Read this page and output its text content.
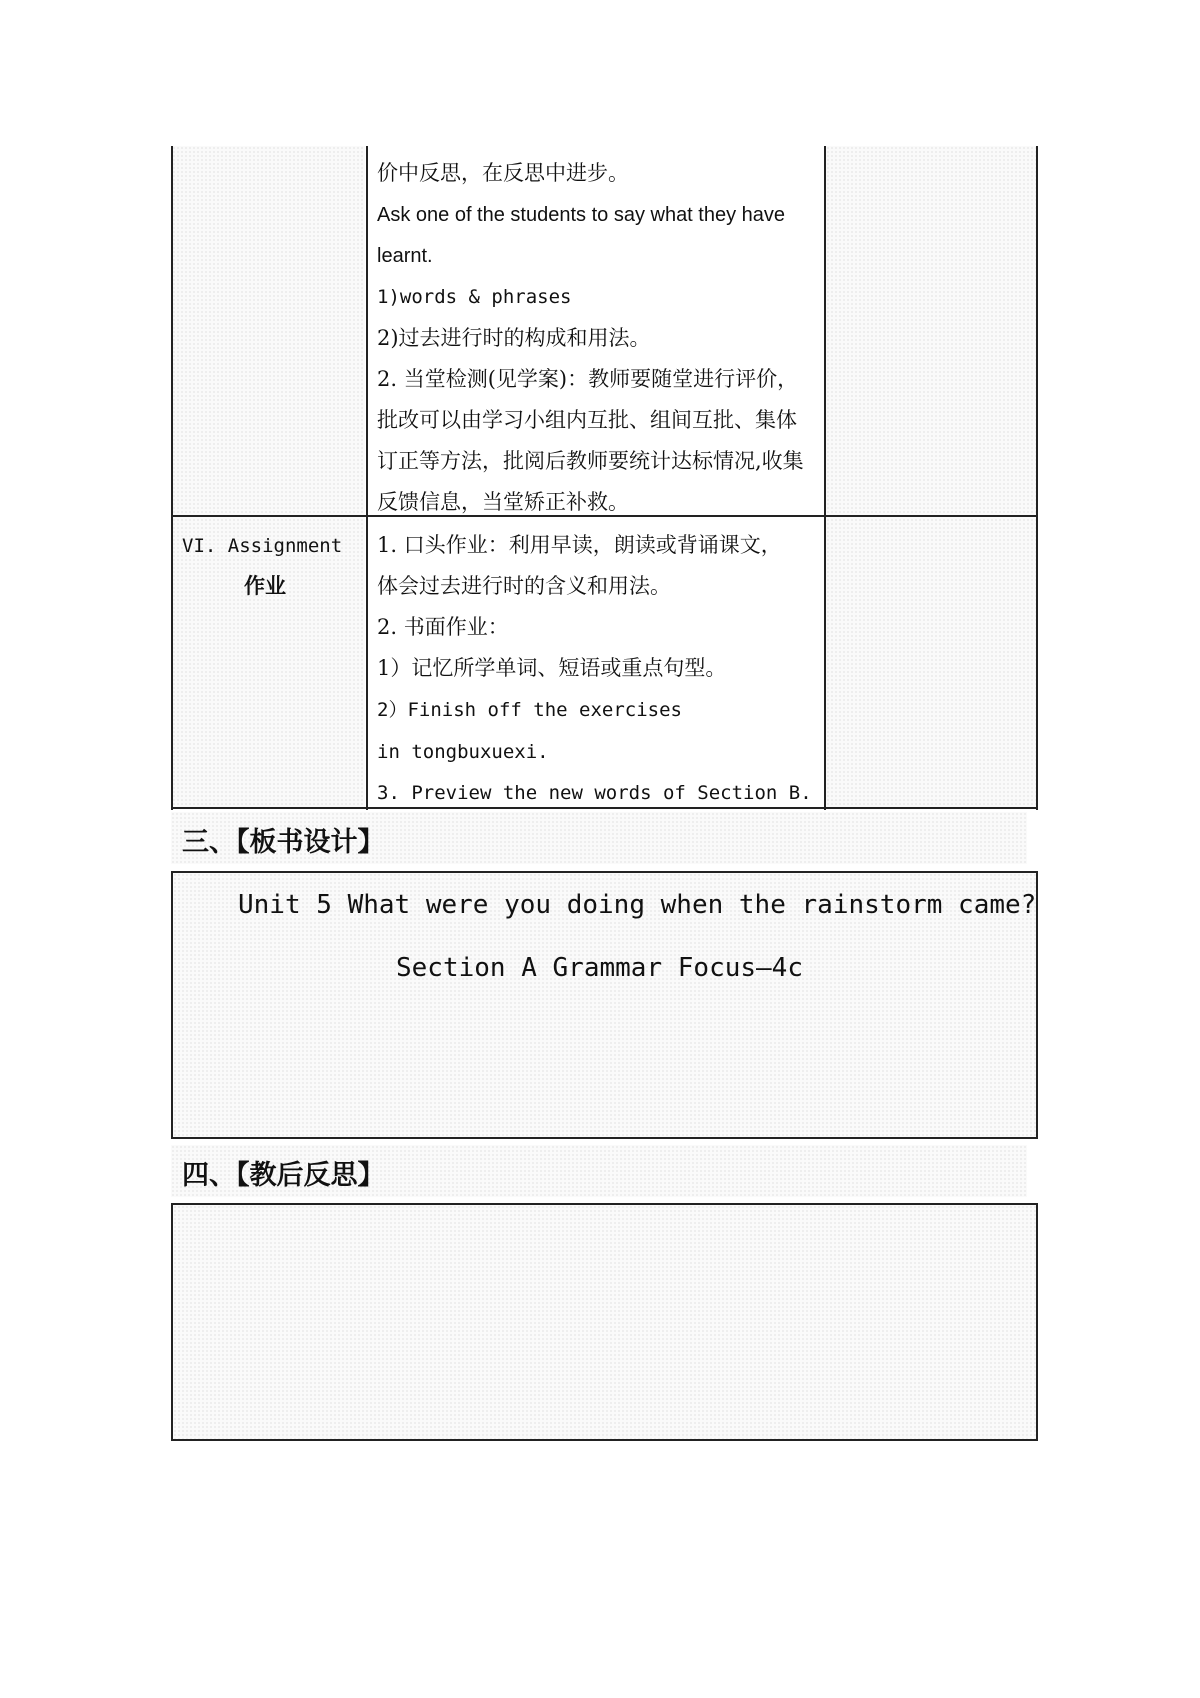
价中反思，在反思中进步。
Ask one of the students to say what they have
learnt.
1)words & phrases
2)过去进行时的构成和用法。
2. 当堂检测(见学案)：教师要随堂进行评价，
批改可以由学习小组内互批、组间互批、集体
订正等方法，批阅后教师要统计达标情况,收集
反馈信息，当堂矫正补救。
VI. Assignment
作业
1. 口头作业：利用早读，朗读或背诵课文，
体会过去进行时的含义和用法。
2. 书面作业：
1）记忆所学单词、短语或重点句型。
2）Finish off the exercises
in tongbuxuexi.
3. Preview the new words of Section B.
三、【板书设计】
Unit 5 What were you doing when the rainstorm came?
Section A Grammar Focus—4c
四、【教后反思】
